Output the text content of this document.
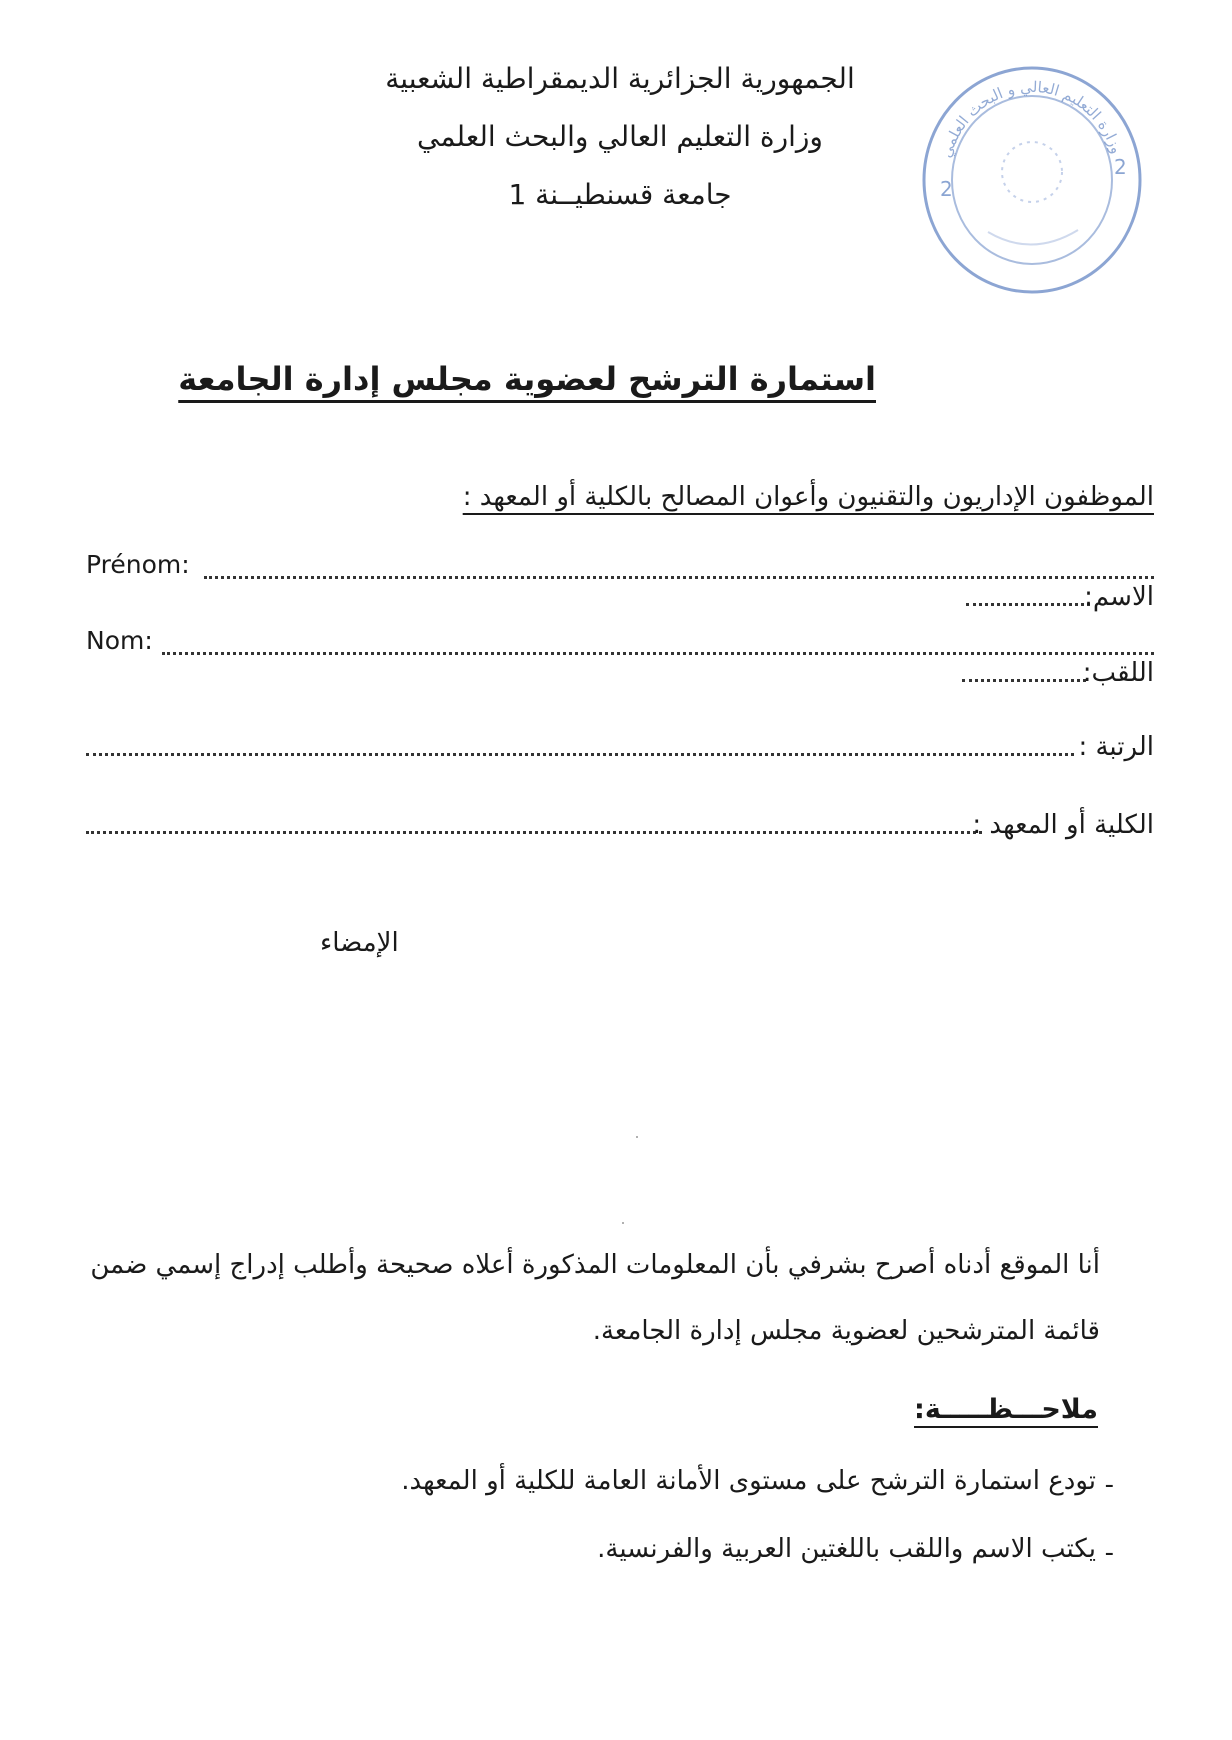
الجمهورية الجزائرية الديمقراطية الشعبية
وزارة التعليم العالي والبحث العلمي
جامعة قسنطيــنة 1
وزارة التعليم العالي و البحث العلمي
2
2
استمارة الترشح لعضوية مجلس إدارة الجامعة
الموظفون الإداريون والتقنيون وأعوان المصالح بالكلية أو المعهد :
Prénom:
الاسم:
Nom:
اللقب:
الرتبة :
الكلية أو المعهد :
الإمضاء
أنا الموقع أدناه أصرح بشرفي بأن المعلومات المذكورة أعلاه صحيحة وأطلب إدراج إسمي ضمن
قائمة المترشحين لعضوية مجلس إدارة الجامعة.
ملاحـــظـــــة:
-
تودع استمارة الترشح على مستوى الأمانة العامة للكلية أو المعهد.
-
يكتب الاسم واللقب باللغتين العربية والفرنسية.
